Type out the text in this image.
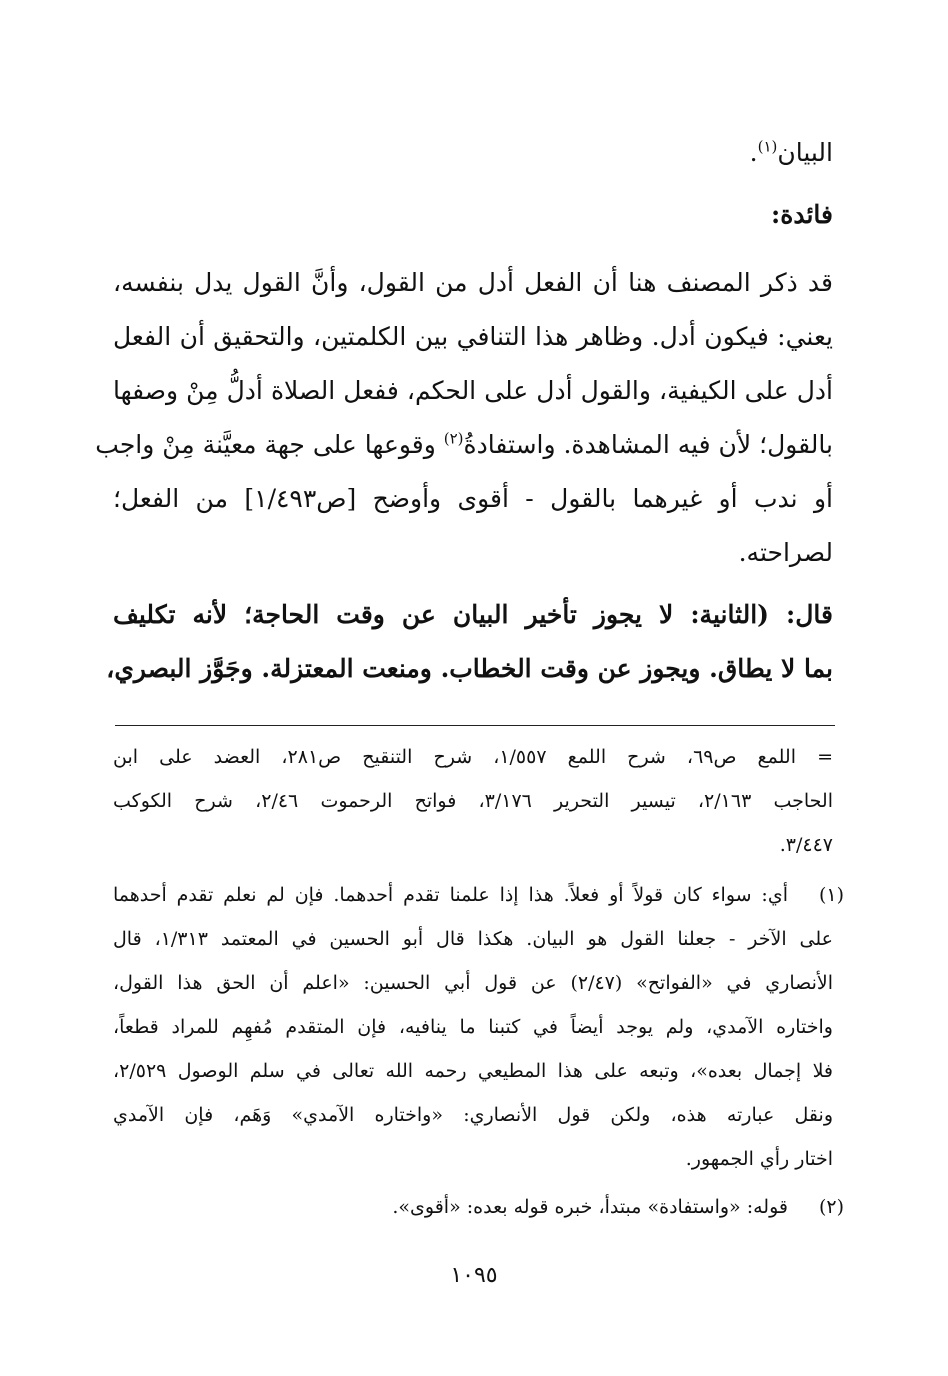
البيان$^{(١)}$.
فائدة:
قد ذكر المصنف هنا أن الفعل أدل من القول، وأنَّ القول يدل بنفسه،
يعني: فيكون أدل. وظاهر هذا التنافي بين الكلمتين، والتحقيق أن الفعل
أدل على الكيفية، والقول أدل على الحكم، ففعل الصلاة أدلُّ مِنْ وصفها
بالقول؛ لأن فيه المشاهدة. واستفادةُ$^{(٢)}$ وقوعها على جهة معيَّنة مِنْ واجب
أو ندب أو غيرهما بالقول - أقوى وأوضح [ص١/٤٩٣] من الفعل؛
لصراحته.
قال: (الثانية: لا يجوز تأخير البيان عن وقت الحاجة؛ لأنه تكليف
بما لا يطاق. ويجوز عن وقت الخطاب. ومنعت المعتزلة. وجَوَّز البصري،
= اللمع ص٦٩، شرح اللمع ١/٥٥٧، شرح التنقيح ص٢٨١، العضد على ابن
الحاجب ٢/١٦٣، تيسير التحرير ٣/١٧٦، فواتح الرحموت ٢/٤٦، شرح الكوكب
٣/٤٤٧.
(١)
أي: سواء كان قولاً أو فعلاً. هذا إذا علمنا تقدم أحدهما. فإن لم نعلم تقدم أحدهما
على الآخر - جعلنا القول هو البيان. هكذا قال أبو الحسين في المعتمد ١/٣١٣، قال
الأنصاري في «الفواتح» (٢/٤٧) عن قول أبي الحسين: «اعلم أن الحق هذا القول،
واختاره الآمدي، ولم يوجد أيضاً في كتبنا ما ينافيه، فإن المتقدم مُفهِم للمراد قطعاً،
فلا إجمال بعده»، وتبعه على هذا المطيعي رحمه الله تعالى في سلم الوصول ٢/٥٢٩،
ونقل عبارته هذه، ولكن قول الأنصاري: «واختاره الآمدي» وَهَم، فإن الآمدي
اختار رأي الجمهور.
(٢)
قوله: «واستفادة» مبتدأ، خبره قوله بعده: «أقوى».
١٠٩٥
